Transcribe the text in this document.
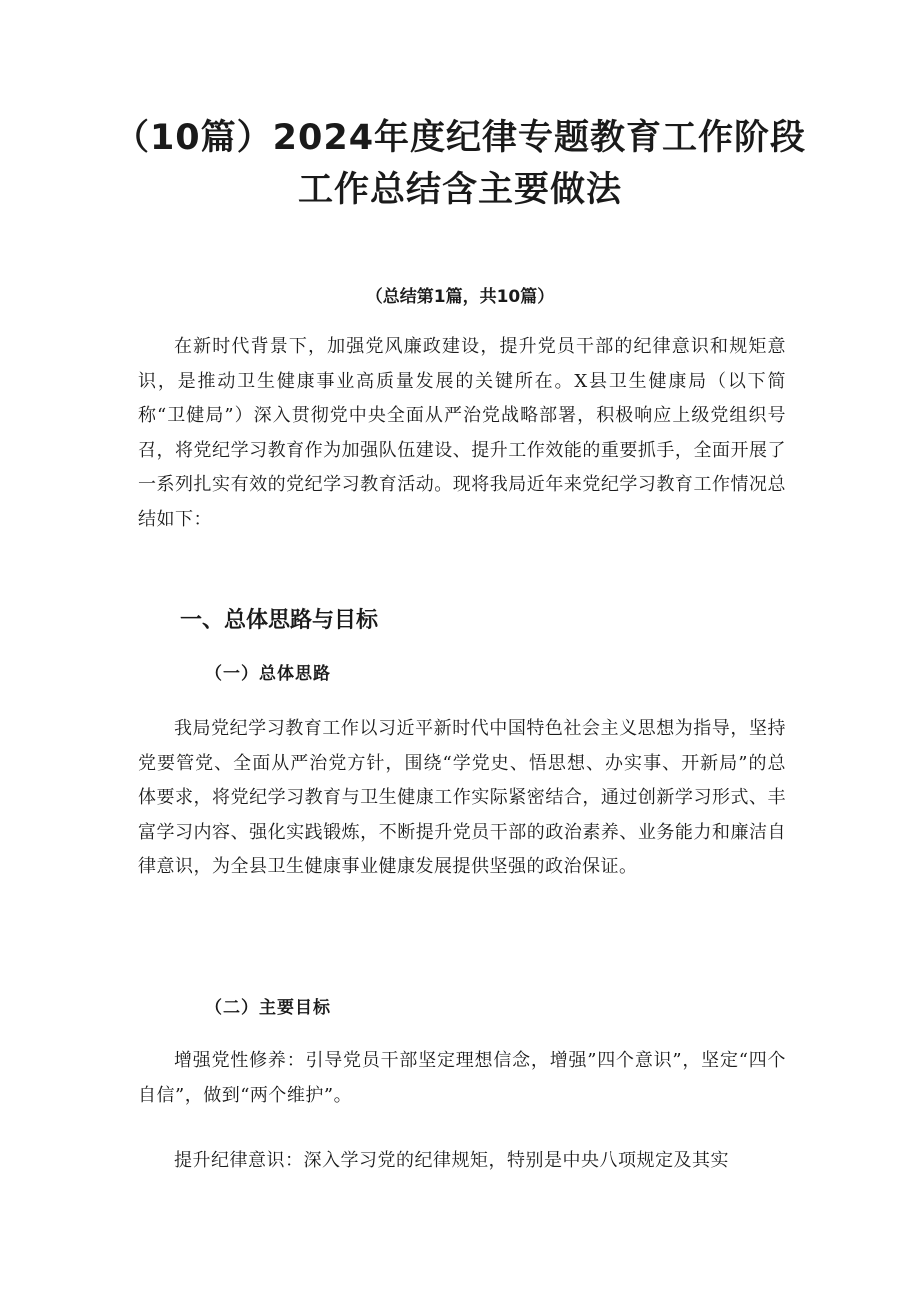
（10篇）2024年度纪律专题教育工作阶段
工作总结含主要做法
（总结第1篇，共10篇）

在新时代背景下，加强党风廉政建设，提升党员干部的纪律意识和规矩意识，是推动卫生健康事业高质量发展的关键所在。X县卫生健康局（以下简称“卫健局”）深入贯彻党中央全面从严治党战略部署，积极响应上级党组织号召，将党纪学习教育作为加强队伍建设、提升工作效能的重要抓手，全面开展了一系列扎实有效的党纪学习教育活动。现将我局近年来党纪学习教育工作情况总结如下：

一、总体思路与目标
（一）总体思路

我局党纪学习教育工作以习近平新时代中国特色社会主义思想为指导，坚持党要管党、全面从严治党方针，围绕“学党史、悟思想、办实事、开新局”的总体要求，将党纪学习教育与卫生健康工作实际紧密结合，通过创新学习形式、丰富学习内容、强化实践锻炼，不断提升党员干部的政治素养、业务能力和廉洁自律意识，为全县卫生健康事业健康发展提供坚强的政治保证。

（二）主要目标

增强党性修养：引导党员干部坚定理想信念，增强”四个意识”，坚定“四个自信”，做到“两个维护”。

提升纪律意识：深入学习党的纪律规矩，特别是中央八项规定及其实
